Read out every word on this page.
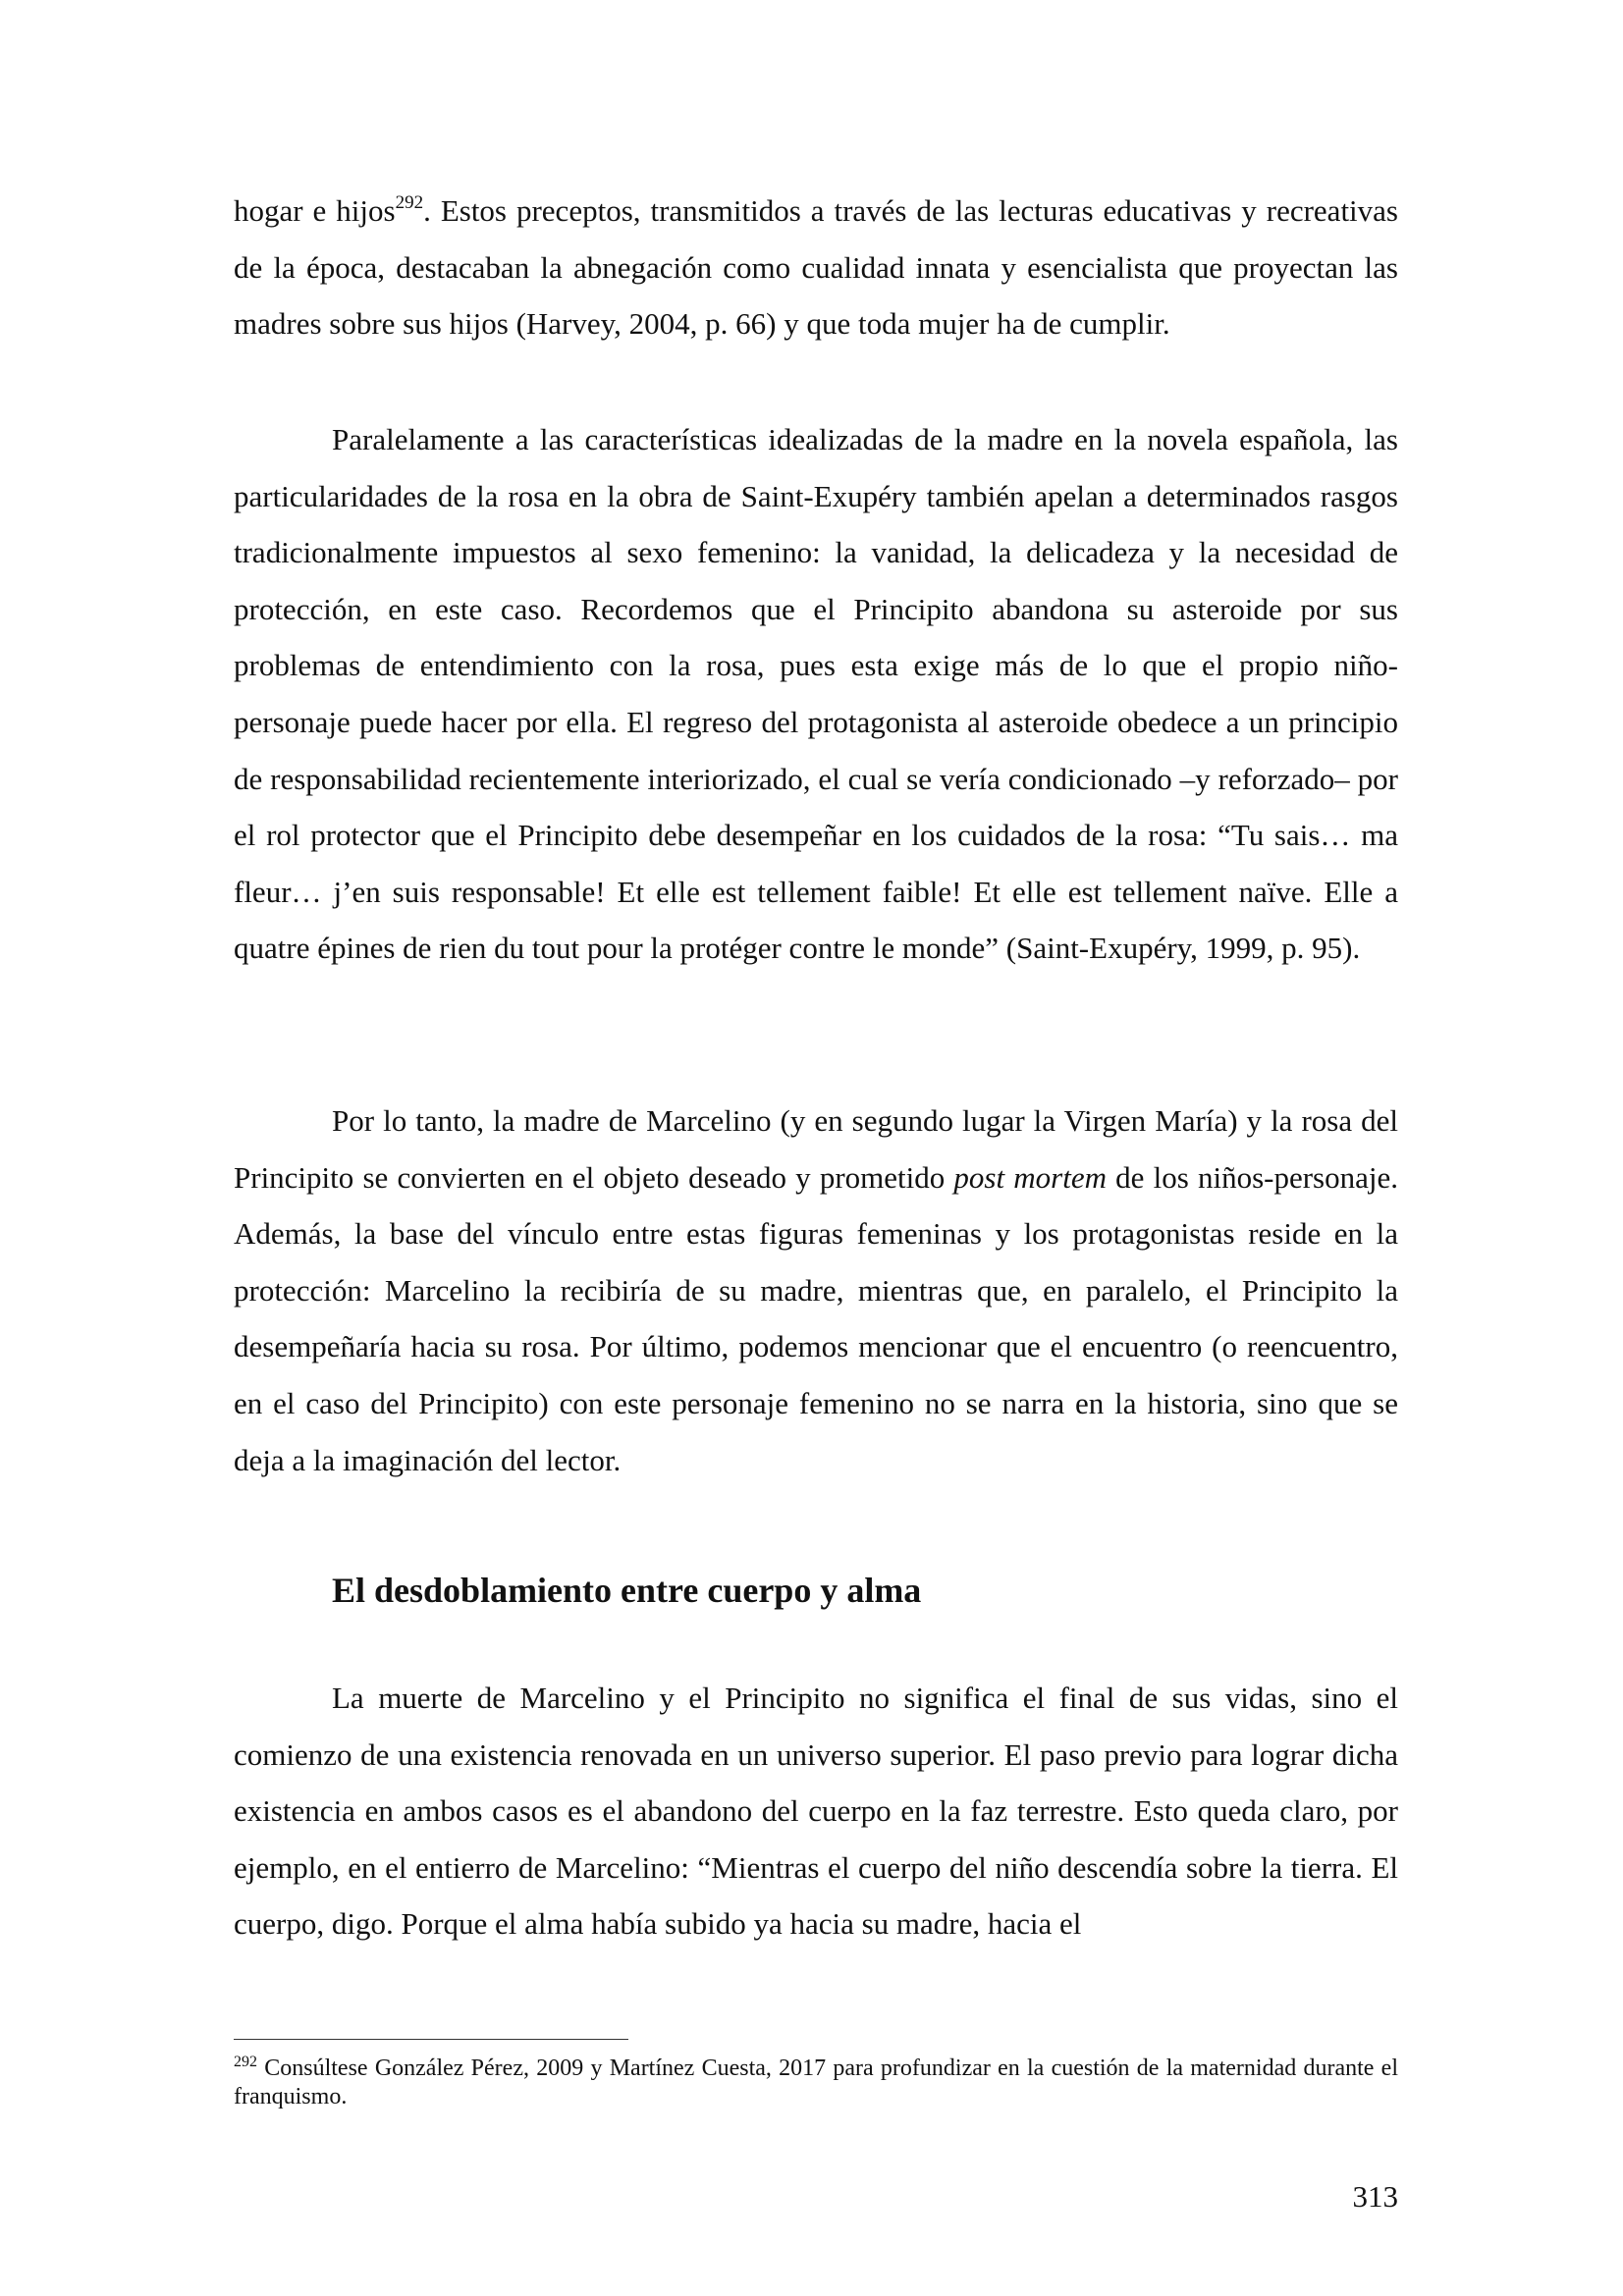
hogar e hijos$^{292}$. Estos preceptos, transmitidos a través de las lecturas educativas y recreativas de la época, destacaban la abnegación como cualidad innata y esencialista que proyectan las madres sobre sus hijos (Harvey, 2004, p. 66) y que toda mujer ha de cumplir.

Paralelamente a las características idealizadas de la madre en la novela española, las particularidades de la rosa en la obra de Saint-Exupéry también apelan a determinados rasgos tradicionalmente impuestos al sexo femenino: la vanidad, la delicadeza y la necesidad de protección, en este caso. Recordemos que el Principito abandona su asteroide por sus problemas de entendimiento con la rosa, pues esta exige más de lo que el propio niño-personaje puede hacer por ella. El regreso del protagonista al asteroide obedece a un principio de responsabilidad recientemente interiorizado, el cual se vería condicionado –y reforzado– por el rol protector que el Principito debe desempeñar en los cuidados de la rosa: “Tu sais… ma fleur… j’en suis responsable! Et elle est tellement faible! Et elle est tellement naïve. Elle a quatre épines de rien du tout pour la protéger contre le monde” (Saint-Exupéry, 1999, p. 95).

Por lo tanto, la madre de Marcelino (y en segundo lugar la Virgen María) y la rosa del Principito se convierten en el objeto deseado y prometido post mortem de los niños-personaje. Además, la base del vínculo entre estas figuras femeninas y los protagonistas reside en la protección: Marcelino la recibiría de su madre, mientras que, en paralelo, el Principito la desempeñaría hacia su rosa. Por último, podemos mencionar que el encuentro (o reencuentro, en el caso del Principito) con este personaje femenino no se narra en la historia, sino que se deja a la imaginación del lector.

El desdoblamiento entre cuerpo y alma

La muerte de Marcelino y el Principito no significa el final de sus vidas, sino el comienzo de una existencia renovada en un universo superior. El paso previo para lograr dicha existencia en ambos casos es el abandono del cuerpo en la faz terrestre. Esto queda claro, por ejemplo, en el entierro de Marcelino: “Mientras el cuerpo del niño descendía sobre la tierra. El cuerpo, digo. Porque el alma había subido ya hacia su madre, hacia el

$^{292}$ Consúltese González Pérez, 2009 y Martínez Cuesta, 2017 para profundizar en la cuestión de la maternidad durante el franquismo.

313
